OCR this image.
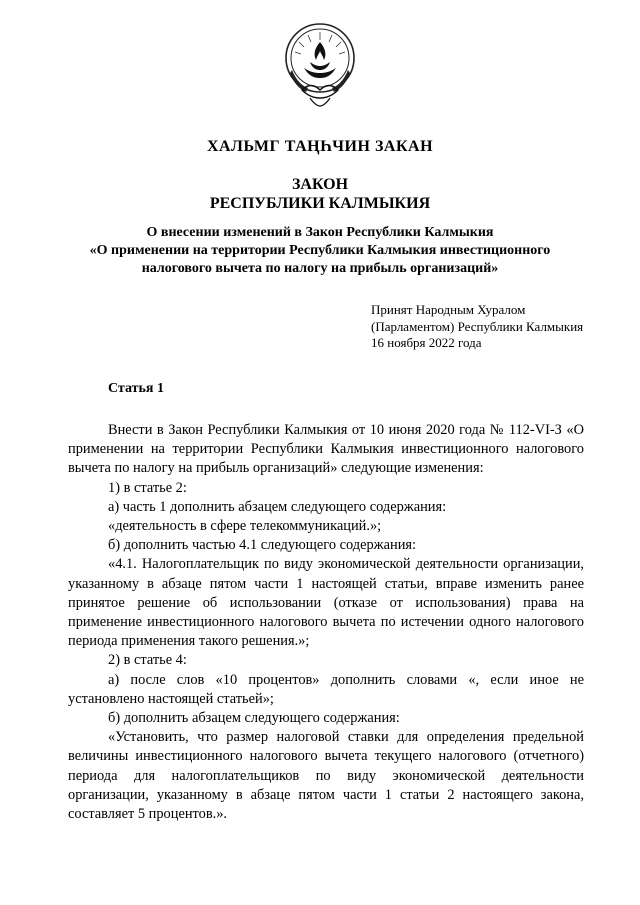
ХАЛЬМГ ТАҢҺЧИН ЗАКАН
ЗАКОН
РЕСПУБЛИКИ КАЛМЫКИЯ
О внесении изменений в Закон Республики Калмыкия
«О применении на территории Республики Калмыкия инвестиционного
налогового вычета по налогу на прибыль организаций»
Принят Народным Хуралом
(Парламентом) Республики Калмыкия
16 ноября 2022 года
Статья 1

Внести в Закон Республики Калмыкия от 10 июня 2020 года № 112-VI-З «О применении на территории Республики Калмыкия инвестиционного налогового вычета по налогу на прибыль организаций» следующие изменения:

1) в статье 2:

а) часть 1 дополнить абзацем следующего содержания:

«деятельность в сфере телекоммуникаций.»;

б) дополнить частью 4.1 следующего содержания:

«4.1. Налогоплательщик по виду экономической деятельности организации, указанному в абзаце пятом части 1 настоящей статьи, вправе изменить ранее принятое решение об использовании (отказе от использования) права на применение инвестиционного налогового вычета по истечении одного налогового периода применения такого решения.»;

2) в статье 4:

а) после слов «10 процентов» дополнить словами «, если иное не установлено настоящей статьей»;

б) дополнить абзацем следующего содержания:

«Установить, что размер налоговой ставки для определения предельной величины инвестиционного налогового вычета текущего налогового (отчетного) периода для налогоплательщиков по виду экономической деятельности организации, указанному в абзаце пятом части 1 статьи 2 настоящего закона, составляет 5 процентов.».
